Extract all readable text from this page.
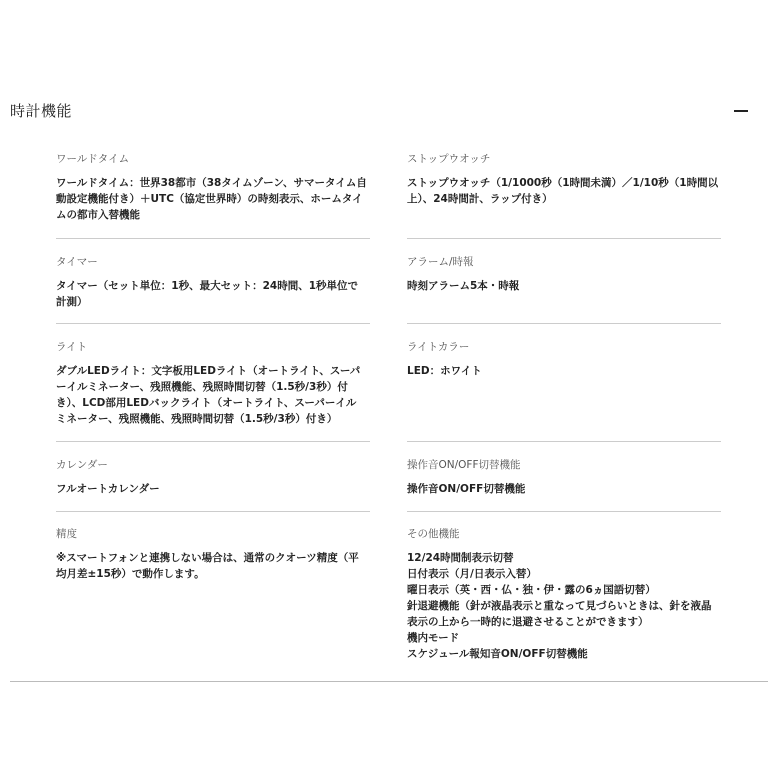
時計機能
ワールドタイム
ワールドタイム：世界38都市（38タイムゾーン、サマータイム自
動設定機能付き）＋UTC（協定世界時）の時刻表示、ホームタイ
ムの都市入替機能
タイマー
タイマー（セット単位：1秒、最大セット：24時間、1秒単位で
計測）
ライト
ダブルLEDライト：文字板用LEDライト（オートライト、スーパ
ーイルミネーター、残照機能、残照時間切替（1.5秒/3秒）付
き）、LCD部用LEDバックライト（オートライト、スーパーイル
ミネーター、残照機能、残照時間切替（1.5秒/3秒）付き）
カレンダー
フルオートカレンダー
精度
※スマートフォンと連携しない場合は、通常のクオーツ精度（平
均月差±15秒）で動作します。
ストップウオッチ
ストップウオッチ（1/1000秒（1時間未満）／1/10秒（1時間以
上）、24時間計、ラップ付き）
アラーム/時報
時刻アラーム5本・時報
ライトカラー
LED：ホワイト
操作音ON/OFF切替機能
操作音ON/OFF切替機能
その他機能
12/24時間制表示切替
日付表示（月/日表示入替）
曜日表示（英・西・仏・独・伊・露の6ヵ国語切替）
針退避機能（針が液晶表示と重なって見づらいときは、針を液晶
表示の上から一時的に退避させることができます）
機内モード
スケジュール報知音ON/OFF切替機能
